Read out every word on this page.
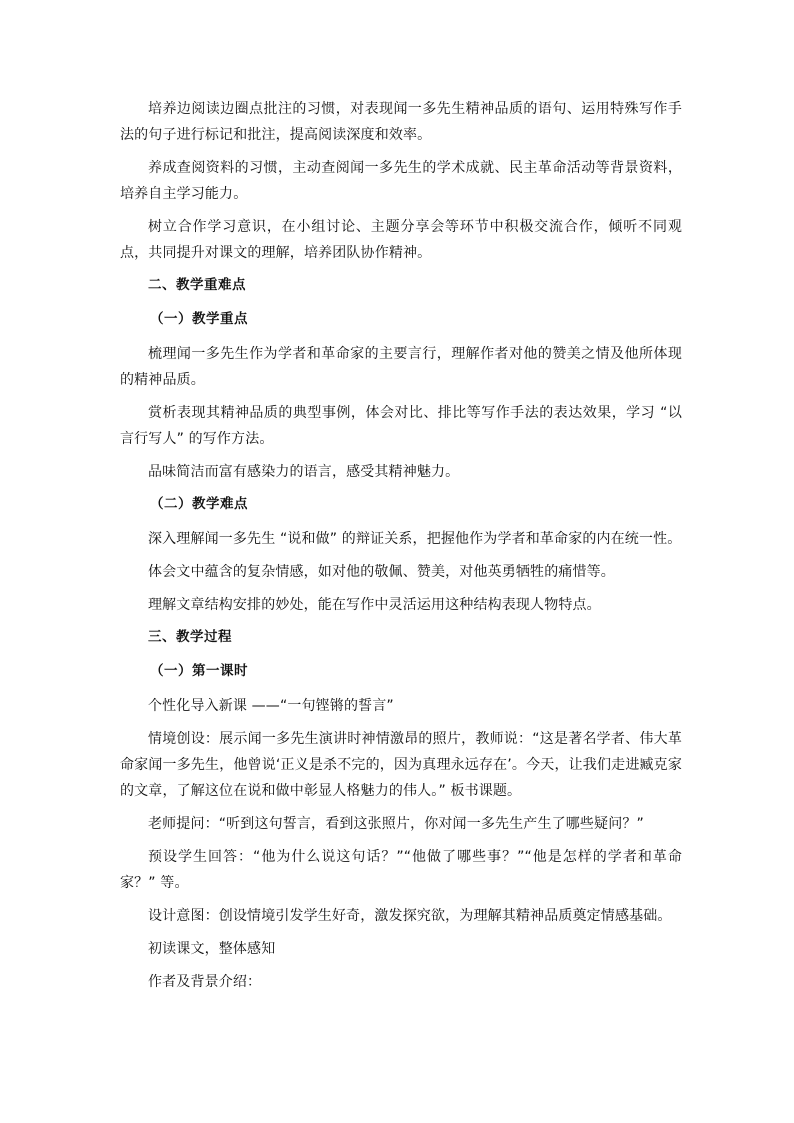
培养边阅读边圈点批注的习惯，对表现闻一多先生精神品质的语句、运用特殊写作手法的句子进行标记和批注，提高阅读深度和效率。

养成查阅资料的习惯，主动查阅闻一多先生的学术成就、民主革命活动等背景资料，培养自主学习能力。

树立合作学习意识，在小组讨论、主题分享会等环节中积极交流合作，倾听不同观点，共同提升对课文的理解，培养团队协作精神。

二、教学重难点
（一）教学重点

梳理闻一多先生作为学者和革命家的主要言行，理解作者对他的赞美之情及他所体现的精神品质。

赏析表现其精神品质的典型事例，体会对比、排比等写作手法的表达效果，学习 “以言行写人” 的写作方法。

品味简洁而富有感染力的语言，感受其精神魅力。

（二）教学难点

深入理解闻一多先生 “说和做” 的辩证关系，把握他作为学者和革命家的内在统一性。

体会文中蕴含的复杂情感，如对他的敬佩、赞美，对他英勇牺牲的痛惜等。

理解文章结构安排的妙处，能在写作中灵活运用这种结构表现人物特点。

三、教学过程
（一）第一课时

个性化导入新课 ——“一句铿锵的誓言”

情境创设：展示闻一多先生演讲时神情激昂的照片，教师说：“这是著名学者、伟大革命家闻一多先生，他曾说‘正义是杀不完的，因为真理永远存在’。今天，让我们走进臧克家的文章，了解这位在说和做中彰显人格魅力的伟人。” 板书课题。

老师提问：“听到这句誓言，看到这张照片，你对闻一多先生产生了哪些疑问？”

预设学生回答：“他为什么说这句话？”“他做了哪些事？”“他是怎样的学者和革命家？” 等。

设计意图：创设情境引发学生好奇，激发探究欲，为理解其精神品质奠定情感基础。

初读课文，整体感知

作者及背景介绍：
